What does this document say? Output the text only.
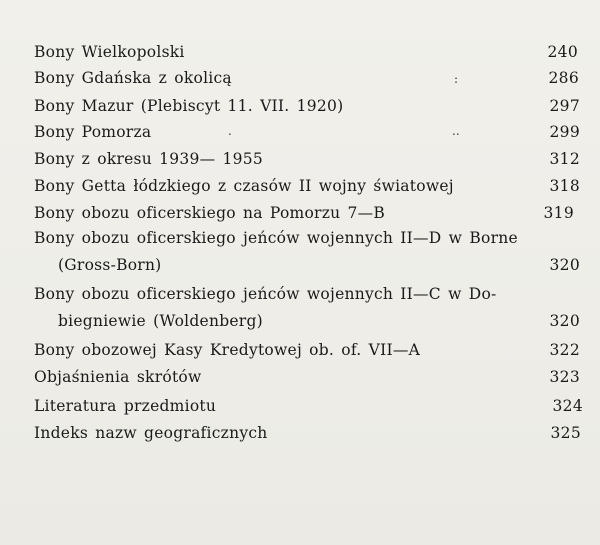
Bony Wielkopolski	240
Bony Gdańska z okolicą	:	286
Bony Mazur (Plebiscyt 11. VII. 1920)	297
Bony Pomorza	.	..	299
Bony z okresu 1939— 1955	312
Bony Getta łódzkiego z czasów II wojny światowej	318
Bony obozu oficerskiego na Pomorzu 7—B	319
Bony obozu oficerskiego jeńców wojennych II—D w Borne
(Gross-Born)	320
Bony obozu oficerskiego jeńców wojennych II—C w Do-
biegniewie (Woldenberg)	320
Bony obozowej Kasy Kredytowej ob. of. VII—A	322
Objaśnienia skrótów	323
Literatura przedmiotu	324
Indeks nazw geograficznych	325
